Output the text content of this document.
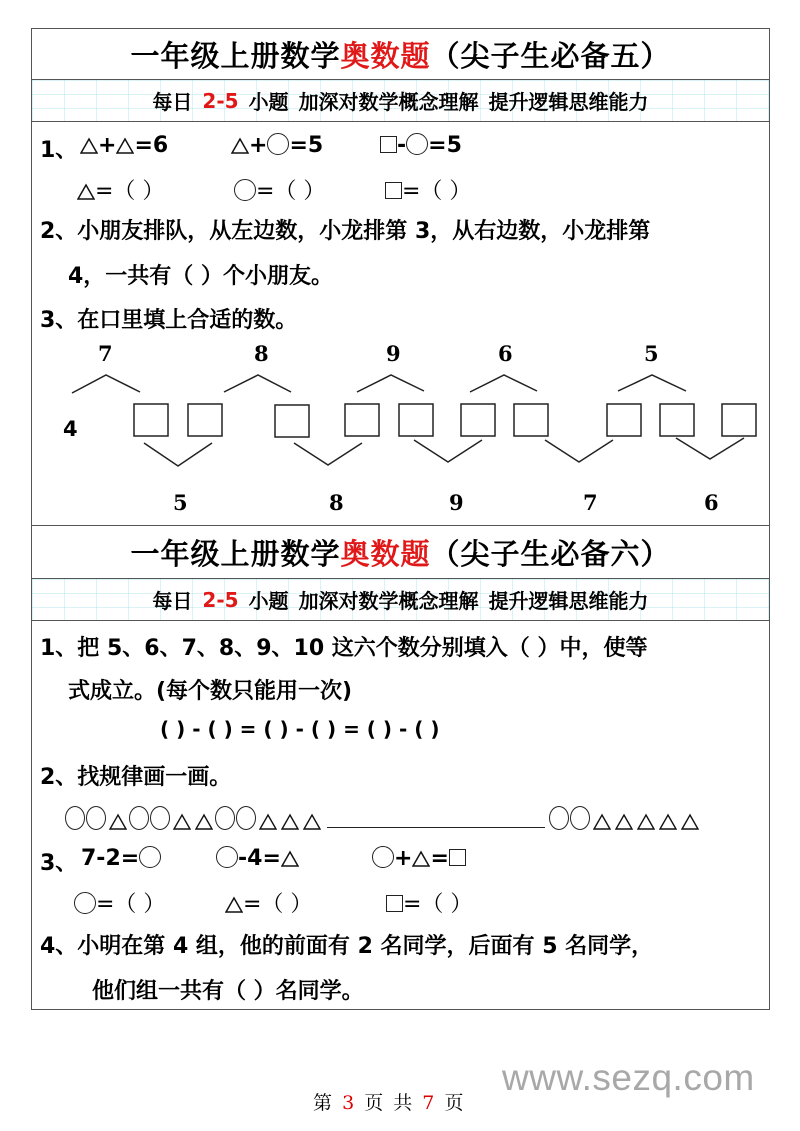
一年级上册数学 奥数题 （尖子生必备五）
每日 2-5 小题 加深对数学概念理解 提升逻辑思维能力
1、 + =6	+ =5	- =5
=（ ）	=（ ）	=（ ）
2、小朋友排队，从左边数，小龙排第 3，从右边数，小龙排第
4，一共有（ ）个小朋友。
3、在口里填上合适的数。
7	8	9	6	5
4
5	8	9	7	6
一年级上册数学 奥数题 （尖子生必备六）
每日 2-5 小题 加深对数学概念理解 提升逻辑思维能力
1、把 5、6、7、8、9、10 这六个数分别填入（ ）中，使等
式成立。(每个数只能用一次)
( ) - ( ) = ( ) - ( ) = ( ) - ( )
2、找规律画一画。
3、 7-2=	-4=	+ =
=（ ）	=（ ）	=（ ）
4、小明在第 4 组，他的前面有 2 名同学，后面有 5 名同学，
他们组一共有（ ）名同学。
www.sezq.com
第 3 页 共 7 页
